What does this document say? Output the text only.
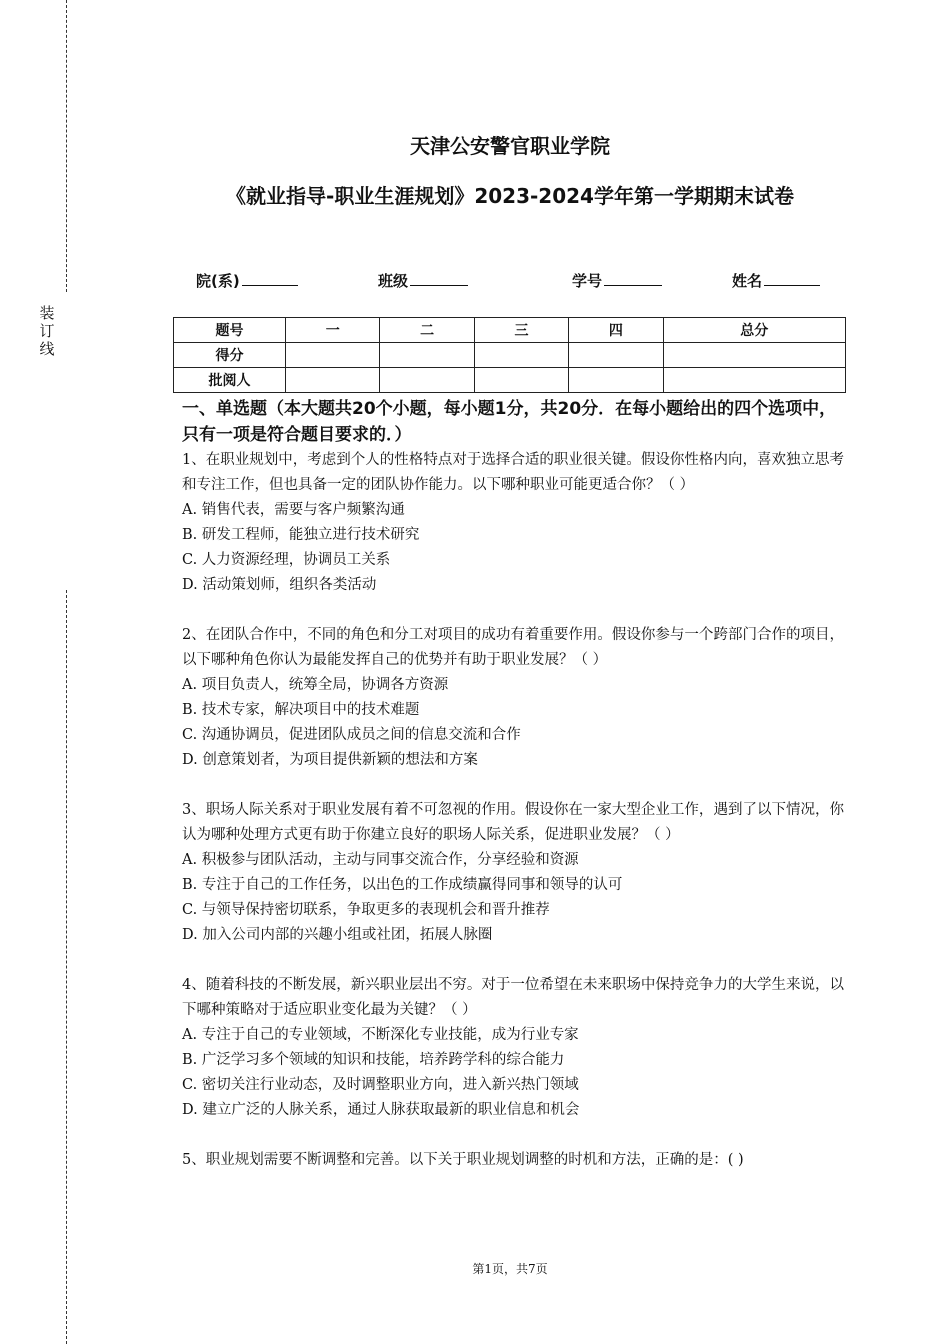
装订线
天津公安警官职业学院
《就业指导-职业生涯规划》2023-2024学年第一学期期末试卷
院(系)	班级	学号	姓名
题号	一	二	三	四	总分
得分					
批阅人					
一、单选题（本大题共20个小题，每小题1分，共20分．在每小题给出的四个选项中，只有一项是符合题目要求的．）

1、在职业规划中，考虑到个人的性格特点对于选择合适的职业很关键。假设你性格内向，喜欢独立思考和专注工作，但也具备一定的团队协作能力。以下哪种职业可能更适合你？（ ）

A. 销售代表，需要与客户频繁沟通

B. 研发工程师，能独立进行技术研究

C. 人力资源经理，协调员工关系

D. 活动策划师，组织各类活动

2、在团队合作中，不同的角色和分工对项目的成功有着重要作用。假设你参与一个跨部门合作的项目，以下哪种角色你认为最能发挥自己的优势并有助于职业发展？（ ）

A. 项目负责人，统筹全局，协调各方资源

B. 技术专家，解决项目中的技术难题

C. 沟通协调员，促进团队成员之间的信息交流和合作

D. 创意策划者，为项目提供新颖的想法和方案

3、职场人际关系对于职业发展有着不可忽视的作用。假设你在一家大型企业工作，遇到了以下情况，你认为哪种处理方式更有助于你建立良好的职场人际关系，促进职业发展？（ ）

A. 积极参与团队活动，主动与同事交流合作，分享经验和资源

B. 专注于自己的工作任务，以出色的工作成绩赢得同事和领导的认可

C. 与领导保持密切联系，争取更多的表现机会和晋升推荐

D. 加入公司内部的兴趣小组或社团，拓展人脉圈

4、随着科技的不断发展，新兴职业层出不穷。对于一位希望在未来职场中保持竞争力的大学生来说，以下哪种策略对于适应职业变化最为关键？（ ）

A. 专注于自己的专业领域，不断深化专业技能，成为行业专家

B. 广泛学习多个领域的知识和技能，培养跨学科的综合能力

C. 密切关注行业动态，及时调整职业方向，进入新兴热门领域

D. 建立广泛的人脉关系，通过人脉获取最新的职业信息和机会

5、职业规划需要不断调整和完善。以下关于职业规划调整的时机和方法，正确的是：( )

第1页，共7页
